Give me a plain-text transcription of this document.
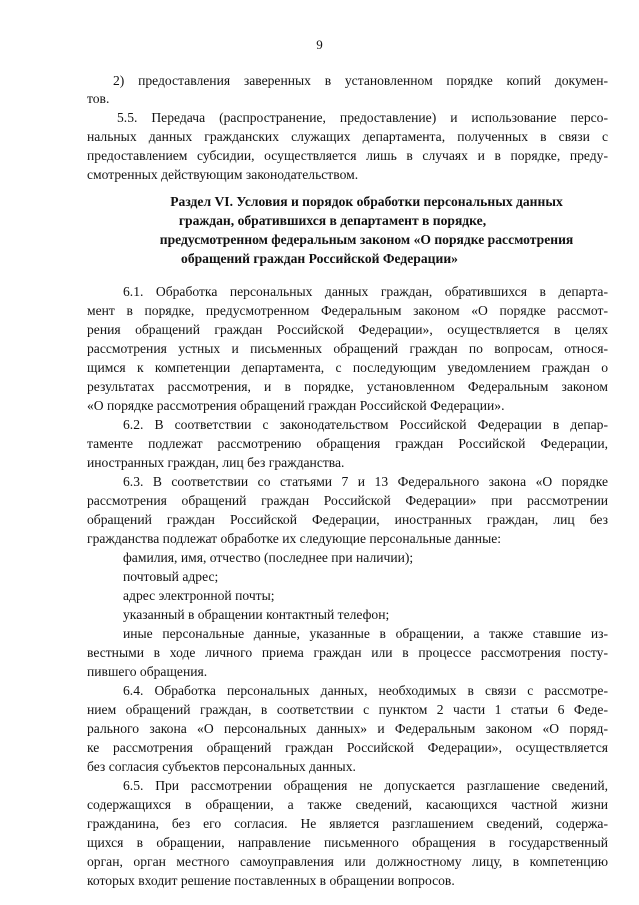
9
2) предоставления заверенных в установленном порядке копий докумен-
тов.
5.5. Передача (распространение, предоставление) и использование персо-
нальных данных гражданских служащих департамента, полученных в связи с
предоставлением субсидии, осуществляется лишь в случаях и в порядке, преду-
смотренных действующим законодательством.
Раздел VI. Условия и порядок обработки персональных данных
граждан, обратившихся в департамент в порядке,
предусмотренном федеральным законом «О порядке рассмотрения
обращений граждан Российской Федерации»
6.1. Обработка персональных данных граждан, обратившихся в департа-
мент в порядке, предусмотренном Федеральным законом «О порядке рассмот-
рения обращений граждан Российской Федерации», осуществляется в целях
рассмотрения устных и письменных обращений граждан по вопросам, относя-
щимся к компетенции департамента, с последующим уведомлением граждан о
результатах рассмотрения, и в порядке, установленном Федеральным законом
«О порядке рассмотрения обращений граждан Российской Федерации».
6.2. В соответствии с законодательством Российской Федерации в депар-
таменте подлежат рассмотрению обращения граждан Российской Федерации,
иностранных граждан, лиц без гражданства.
6.3. В соответствии со статьями 7 и 13 Федерального закона «О порядке
рассмотрения обращений граждан Российской Федерации» при рассмотрении
обращений граждан Российской Федерации, иностранных граждан, лиц без
гражданства подлежат обработке их следующие персональные данные:
фамилия, имя, отчество (последнее при наличии);
почтовый адрес;
адрес электронной почты;
указанный в обращении контактный телефон;
иные персональные данные, указанные в обращении, а также ставшие из-
вестными в ходе личного приема граждан или в процессе рассмотрения посту-
пившего обращения.
6.4. Обработка персональных данных, необходимых в связи с рассмотре-
нием обращений граждан, в соответствии с пунктом 2 части 1 статьи 6 Феде-
рального закона «О персональных данных» и Федеральным законом «О поряд-
ке рассмотрения обращений граждан Российской Федерации», осуществляется
без согласия субъектов персональных данных.
6.5. При рассмотрении обращения не допускается разглашение сведений,
содержащихся в обращении, а также сведений, касающихся частной жизни
гражданина, без его согласия. Не является разглашением сведений, содержа-
щихся в обращении, направление письменного обращения в государственный
орган, орган местного самоуправления или должностному лицу, в компетенцию
которых входит решение поставленных в обращении вопросов.
